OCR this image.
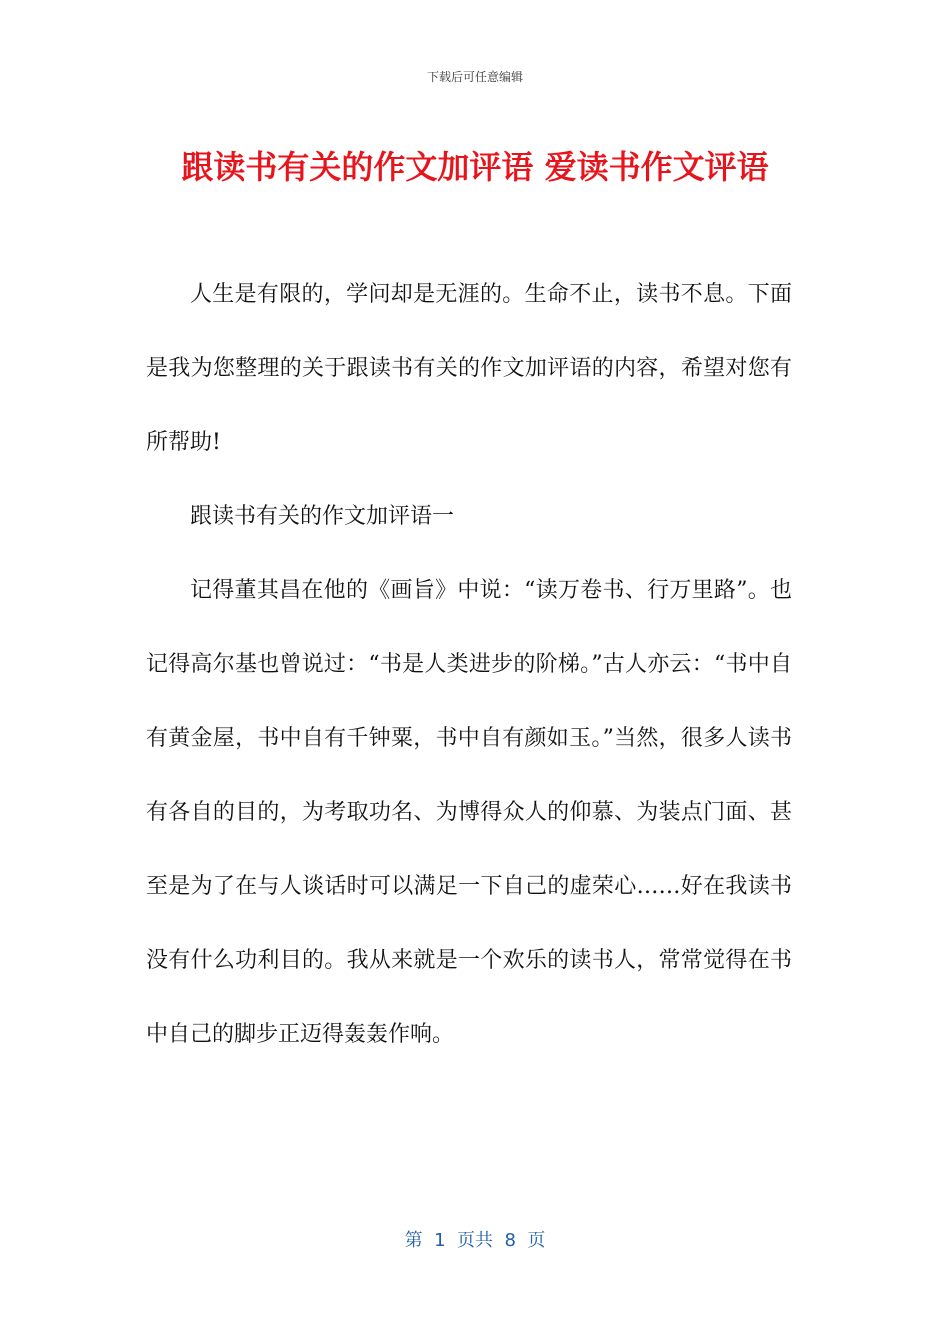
下载后可任意编辑
跟读书有关的作文加评语 爱读书作文评语

人生是有限的，学问却是无涯的。生命不止，读书不息。下面是我为您整理的关于跟读书有关的作文加评语的内容，希望对您有所帮助!

跟读书有关的作文加评语一

记得董其昌在他的《画旨》中说：“读万卷书、行万里路”。也记得高尔基也曾说过：“书是人类进步的阶梯。”古人亦云：“书中自有黄金屋，书中自有千钟粟，书中自有颜如玉。”当然，很多人读书有各自的目的，为考取功名、为博得众人的仰慕、为装点门面、甚至是为了在与人谈话时可以满足一下自己的虚荣心……好在我读书没有什么功利目的。我从来就是一个欢乐的读书人，常常觉得在书中自己的脚步正迈得轰轰作响。

第  1  页共  8  页
